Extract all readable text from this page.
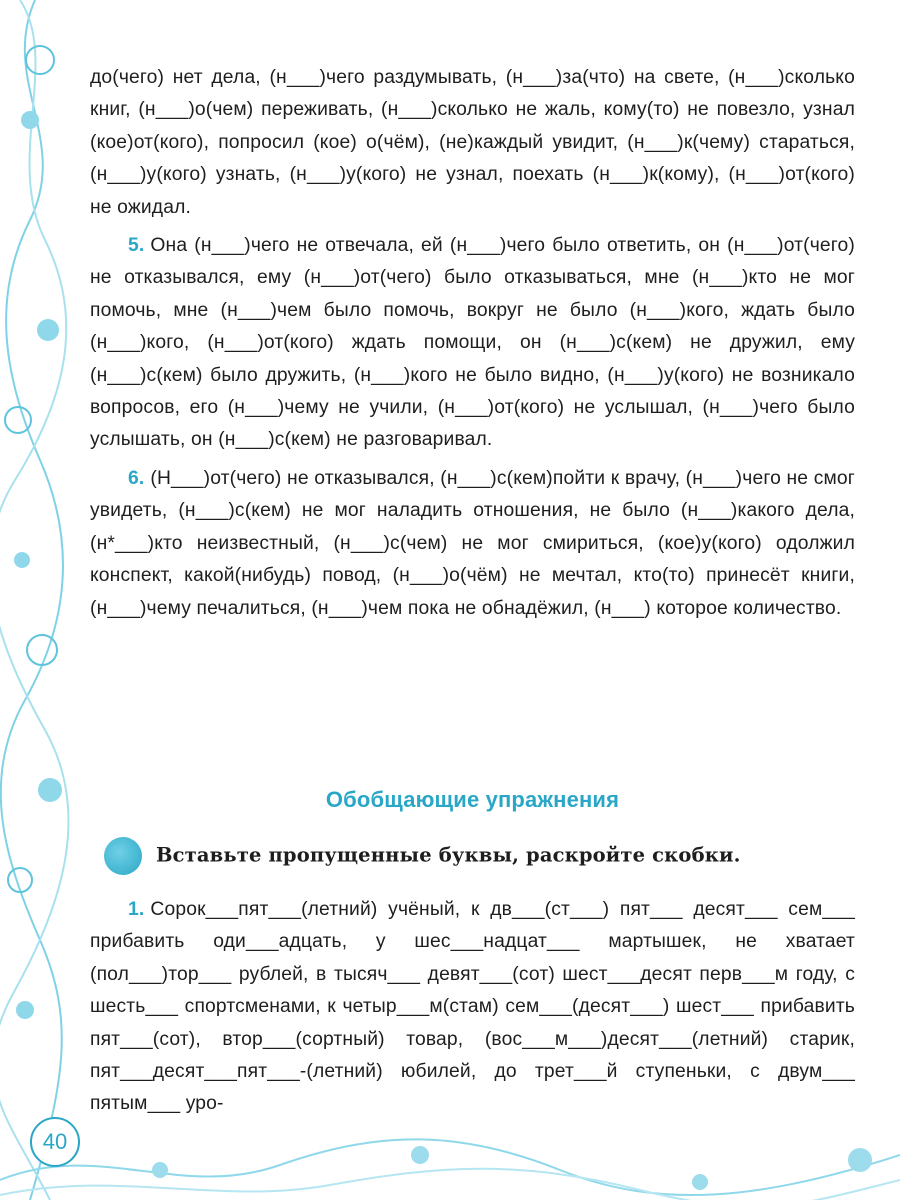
до(чего) нет дела, (н___)чего раздумывать, (н___)за(что) на свете, (н___)сколько книг, (н___)о(чем) переживать, (н___)сколько не жаль, кому(то) не повезло, узнал (кое)от(кого), попросил (кое) о(чём), (не)каждый увидит, (н___)к(чему) стараться, (н___)у(кого) узнать, (н___)у(кого) не узнал, поехать (н___)к(кому), (н___)от(кого) не ожидал.

5. Она (н___)чего не отвечала, ей (н___)чего было ответить, он (н___)от(чего) не отказывался, ему (н___)от(чего) было отказываться, мне (н___)кто не мог помочь, мне (н___)чем было помочь, вокруг не было (н___)кого, ждать было (н___)кого, (н___)от(кого) ждать помощи, он (н___)с(кем) не дружил, ему (н___)с(кем) было дружить, (н___)кого не было видно, (н___)у(кого) не возникало вопросов, его (н___)чему не учили, (н___)от(кого) не услышал, (н___)чего было услышать, он (н___)с(кем) не разговаривал.

6. (Н___)от(чего) не отказывался, (н___)с(кем)пойти к врачу, (н___)чего не смог увидеть, (н___)с(кем) не мог наладить отношения, не было (н___)какого дела, (н*___)кто неизвестный, (н___)с(чем) не мог смириться, (кое)у(кого) одолжил конспект, какой(нибудь) повод, (н___)о(чём) не мечтал, кто(то) принесёт книги, (н___)чему печалиться, (н___)чем пока не обнадёжил, (н___) которое количество.

Обобщающие упражнения
Вставьте пропущенные буквы, раскройте скобки.

1. Сорок___пят___(летний) учёный, к дв___(ст___) пят___ десят___ сем___ прибавить оди___адцать, у шес___надцат___ мартышек, не хватает (пол___)тор___ рублей, в тысяч___ девят___(сот) шест___десят перв___м году, с шесть___ спортсменами, к четыр___м(стам) сем___(десят___) шест___ прибавить пят___(сот), втор___(сортный) товар, (вос___м___)десят___(летний) старик, пят___десят___пят___-(летний) юбилей, до трет___й ступеньки, с двум___ пятым___ уро-

40
